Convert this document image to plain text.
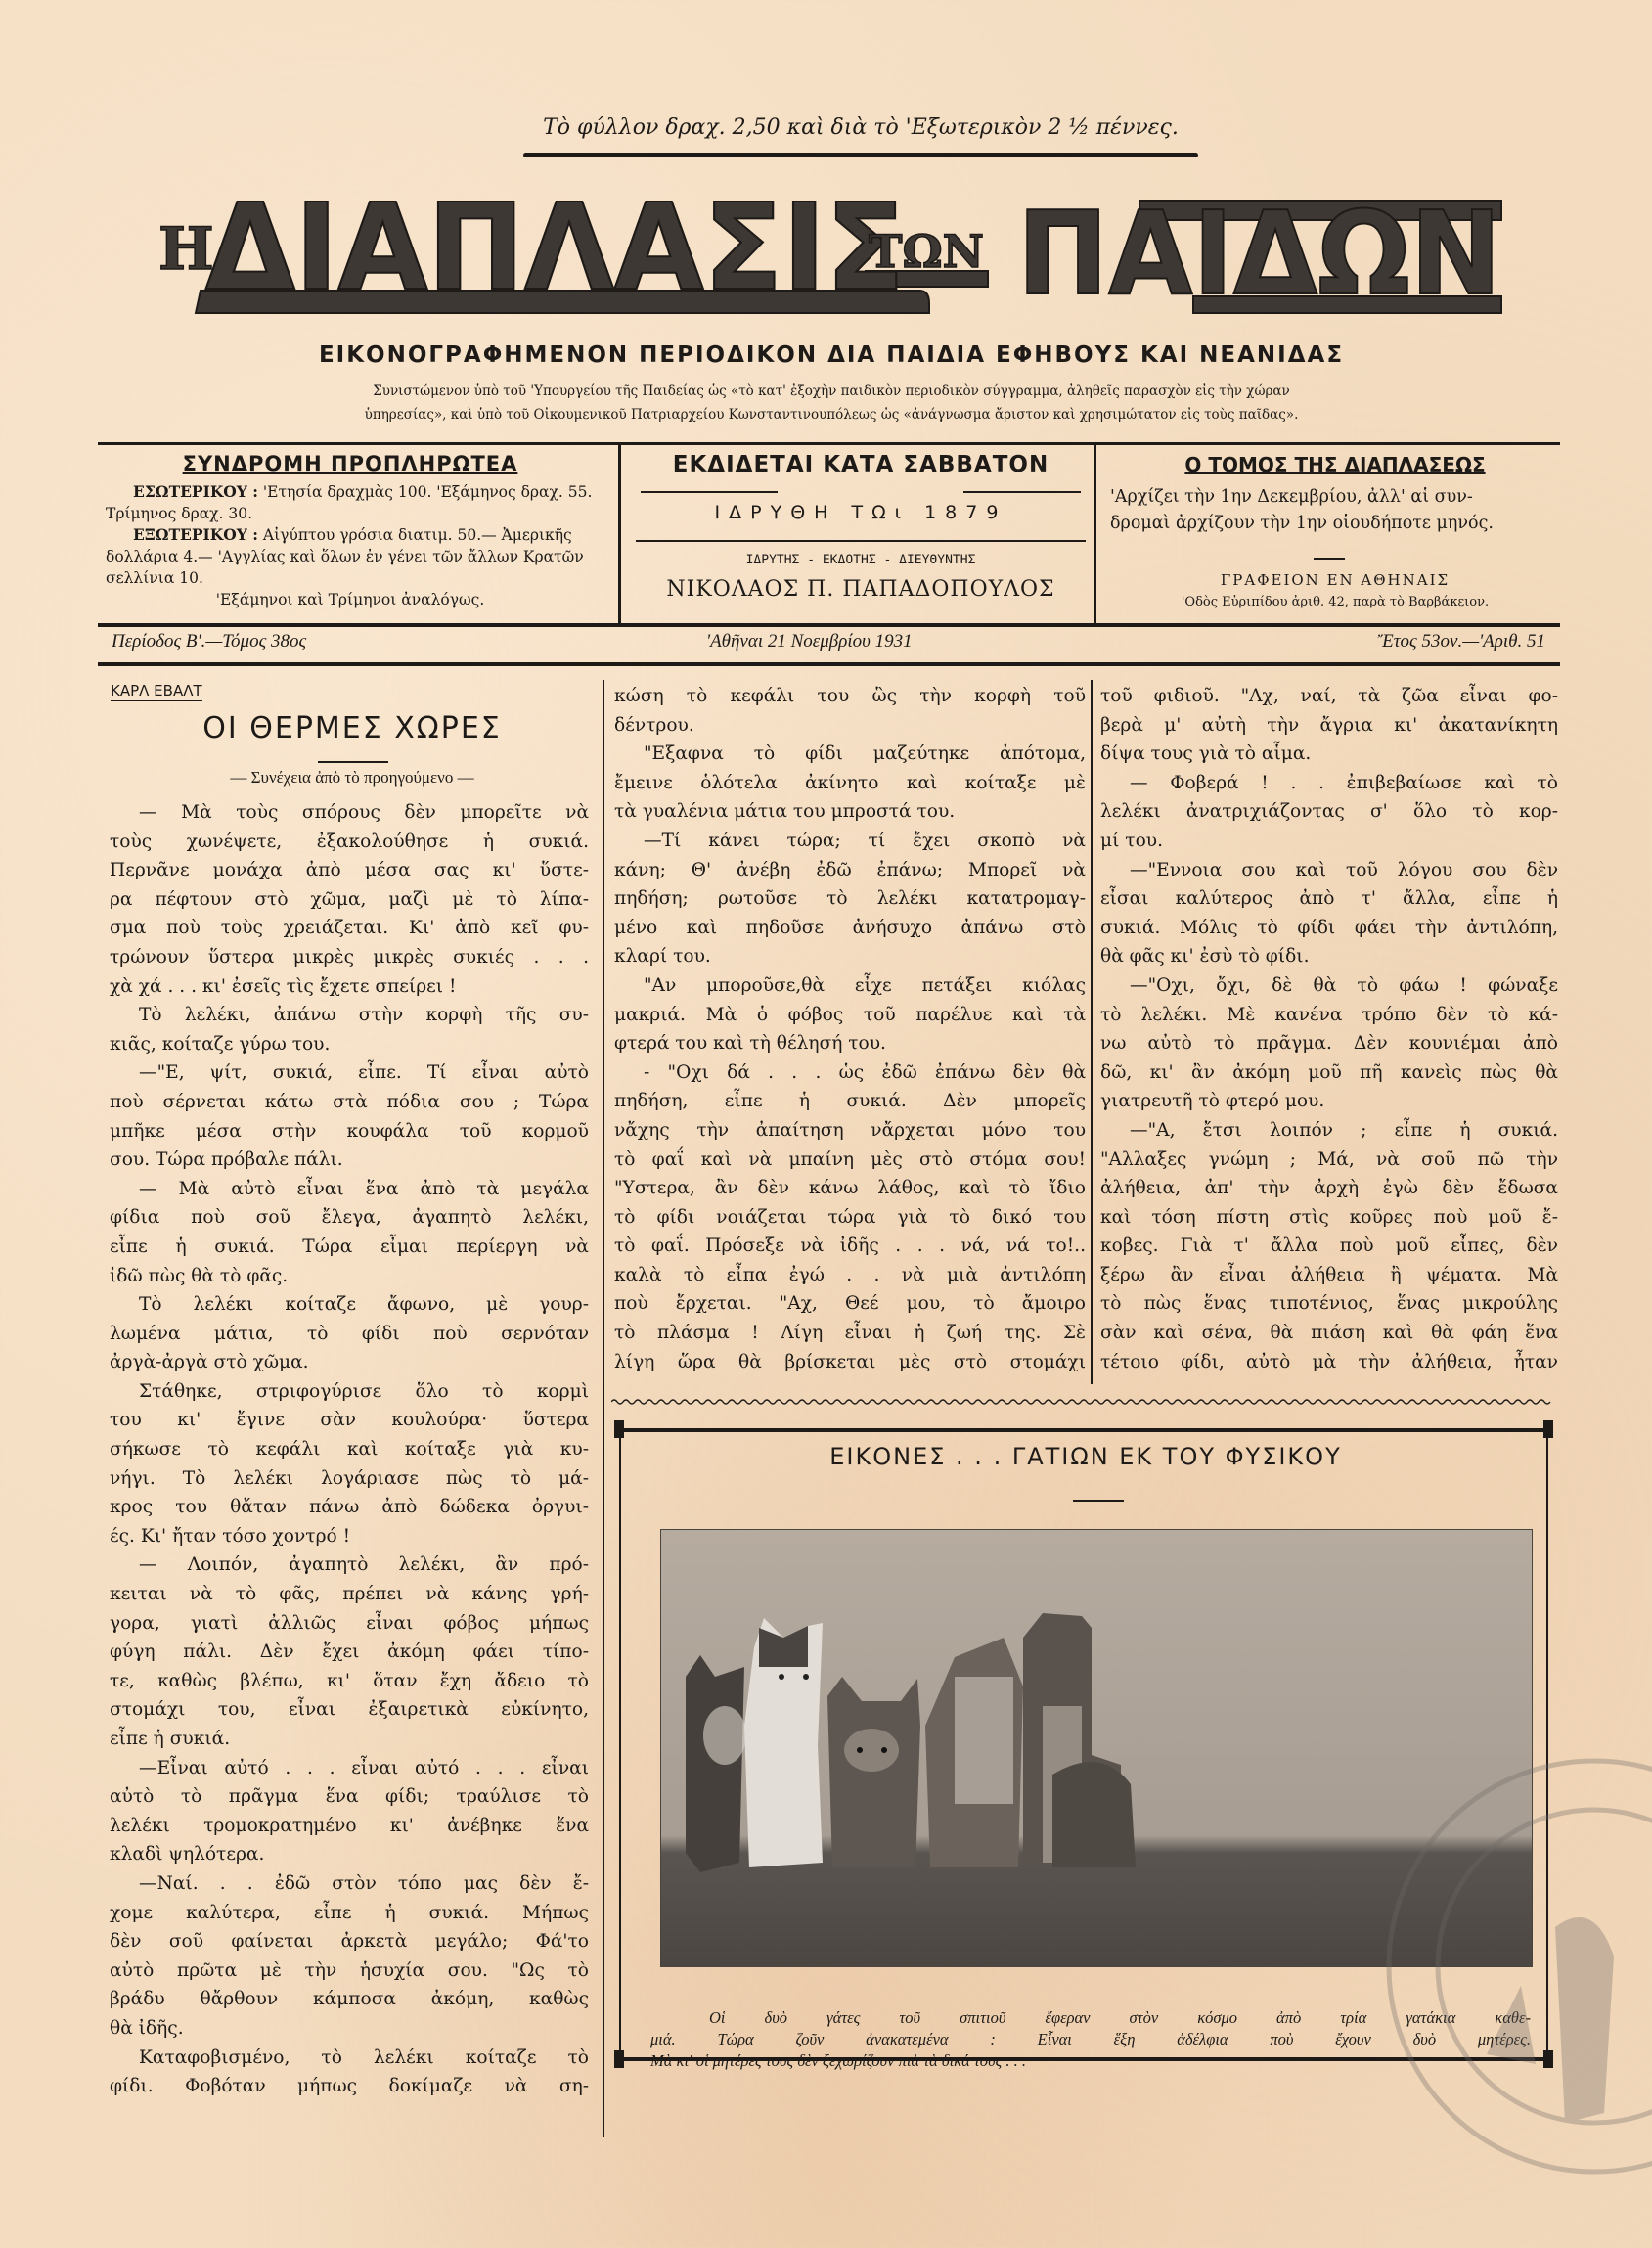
Τὸ φύλλον δραχ. 2,50 καὶ διὰ τὸ 'Εξωτερικὸν 2 ½ πέννες.
Η
ΔΙΑΠΛΑΣΙΣ
ΤΩΝ ΠΑΙΔΩΝ
ΕΙΚΟΝΟΓΡΑΦΗΜΕΝΟΝ ΠΕΡΙΟΔΙΚΟΝ ΔΙΑ ΠΑΙΔΙΑ ΕΦΗΒΟΥΣ ΚΑΙ ΝΕΑΝΙΔΑΣ
Συνιστώμενον ὑπὸ τοῦ 'Υπουργείου τῆς Παιδείας ὡς «τὸ κατ' ἐξοχὴν παιδικὸν περιοδικὸν σύγγραμμα, ἀληθεῖς παρασχὸν εἰς τὴν χώραν
ὑπηρεσίας», καὶ ὑπὸ τοῦ Οἰκουμενικοῦ Πατριαρχείου Κωνσταντινουπόλεως ὡς «ἀνάγνωσμα ἄριστον καὶ χρησιμώτατον εἰς τοὺς παῖδας».
ΣΥΝΔΡΟΜΗ ΠΡΟΠΛΗΡΩΤΕΑ

ΕΣΩΤΕΡΙΚΟΥ : 'Ετησία δραχμὰς 100. 'Εξάμηνος δραχ. 55. Τρίμηνος δραχ. 30.

ΕΞΩΤΕΡΙΚΟΥ : Αἰγύπτου γρόσια διατιμ. 50.— Ἀμερικῆς δολλάρια 4.— 'Αγγλίας καὶ ὅλων ἐν γένει τῶν ἄλλων Κρατῶν σελλίνια 10.

'Εξάμηνοι καὶ Τρίμηνοι ἀναλόγως.

ΕΚΔΙΔΕΤΑΙ ΚΑΤΑ ΣΑΒΒΑΤΟΝ
ΙΔΡΥΘΗ ΤΩι 1879
ΙΔΡΥΤΗΣ - ΕΚΔΟΤΗΣ - ΔΙΕΥΘΥΝΤΗΣ
ΝΙΚΟΛΑΟΣ Π. ΠΑΠΑΔΟΠΟΥΛΟΣ
Ο ΤΟΜΟΣ ΤΗΣ ΔΙΑΠΛΑΣΕΩΣ
'Αρχίζει τὴν 1ην Δεκεμβρίου, ἀλλ' αἱ συν-
δρομαὶ ἀρχίζουν τὴν 1ην οἱουδήποτε μηνός.
ΓΡΑΦΕΙΟΝ ΕΝ ΑΘΗΝΑΙΣ
'Οδὸς Εὐριπίδου ἀριθ. 42, παρὰ τὸ Βαρβάκειον.
Περίοδος Β'.—Τόμος 38ος	'Αθῆναι 21 Νοεμβρίου 1931	Ἔτος 53ον.—'Αριθ. 51
ΚΑΡΛ ΕΒΑΛΤ
ΟΙ ΘΕΡΜΕΣ ΧΩΡΕΣ
— Συνέχεια ἀπὸ τὸ προηγούμενο —
— Μὰ τοὺς σπόρους δὲν μπορεῖτε νὰ
τοὺς χωνέψετε, ἐξακολούθησε ἡ συκιά.
Περνᾶνε μονάχα ἀπὸ μέσα σας κι' ὕστε-
ρα πέφτουν στὸ χῶμα, μαζὶ μὲ τὸ λίπα-
σμα ποὺ τοὺς χρειάζεται. Κι' ἀπὸ κεῖ φυ-
τρώνουν ὕστερα μικρὲς μικρὲς συκιές . . .
χὰ χά . . . κι' ἐσεῖς τὶς ἔχετε σπείρει !
Τὸ λελέκι, ἀπάνω στὴν κορφὴ τῆς συ-
κιᾶς, κοίταζε γύρω του.
—"Ε, ψίτ, συκιά, εἶπε. Τί εἶναι αὐτὸ
ποὺ σέρνεται κάτω στὰ πόδια σου ; Τώρα
μπῆκε μέσα στὴν κουφάλα τοῦ κορμοῦ
σου. Τώρα πρόβαλε πάλι.
— Μὰ αὐτὸ εἶναι ἕνα ἀπὸ τὰ μεγάλα
φίδια ποὺ σοῦ ἔλεγα, ἀγαπητὸ λελέκι,
εἶπε ἡ συκιά. Τώρα εἶμαι περίεργη νὰ
ἰδῶ πὼς θὰ τὸ φᾶς.
Τὸ λελέκι κοίταζε ἄφωνο, μὲ γουρ-
λωμένα μάτια, τὸ φίδι ποὺ σερνόταν
ἀργὰ-ἀργὰ στὸ χῶμα.
Στάθηκε, στριφογύρισε ὅλο τὸ κορμὶ
του κι' ἔγινε σὰν κουλούρα· ὕστερα
σήκωσε τὸ κεφάλι καὶ κοίταξε γιὰ κυ-
νήγι. Τὸ λελέκι λογάριασε πὼς τὸ μά-
κρος του θἄταν πάνω ἀπὸ δώδεκα ὀργυι-
ές. Κι' ἤταν τόσο χοντρό !
— Λοιπόν, ἀγαπητὸ λελέκι, ἂν πρό-
κειται νὰ τὸ φᾶς, πρέπει νὰ κάνης γρή-
γορα, γιατὶ ἀλλιῶς εἶναι φόβος μήπως
φύγη πάλι. Δὲν ἔχει ἀκόμη φάει τίπο-
τε, καθὼς βλέπω, κι' ὅταν ἔχη ἄδειο τὸ
στομάχι του, εἶναι ἐξαιρετικὰ εὐκίνητο,
εἶπε ἡ συκιά.
—Εἶναι αὐτό . . . εἶναι αὐτό . . . εἶναι
αὐτὸ τὸ πρᾶγμα ἕνα φίδι; τραύλισε τὸ
λελέκι τρομοκρατημένο κι' ἀνέβηκε ἕνα
κλαδὶ ψηλότερα.
—Ναί. . . ἐδῶ στὸν τόπο μας δὲν ἔ-
χομε καλύτερα, εἶπε ἡ συκιά. Μήπως
δὲν σοῦ φαίνεται ἀρκετὰ μεγάλο; Φά'το
αὐτὸ πρῶτα μὲ τὴν ἡσυχία σου. "Ως τὸ
βράδυ θἄρθουν κάμποσα ἀκόμη, καθὼς
θὰ ἰδῆς.
Καταφοβισμένο, τὸ λελέκι κοίταζε τὸ
φίδι. Φοβόταν μήπως δοκίμαζε νὰ ση-
κώση τὸ κεφάλι του ὣς τὴν κορφὴ τοῦ
δέντρου.
"Εξαφνα τὸ φίδι μαζεύτηκε ἀπότομα,
ἔμεινε ὁλότελα ἀκίνητο καὶ κοίταξε μὲ
τὰ γυαλένια μάτια του μπροστά του.
—Τί κάνει τώρα; τί ἔχει σκοπὸ νὰ
κάνη; Θ' ἀνέβη ἐδῶ ἐπάνω; Μπορεῖ νὰ
πηδήση; ρωτοῦσε τὸ λελέκι κατατρομαγ-
μένο καὶ πηδοῦσε ἀνήσυχο ἀπάνω στὸ
κλαρί του.
"Αν μποροῦσε,θὰ εἶχε πετάξει κιόλας
μακριά. Μὰ ὁ φόβος τοῦ παρέλυε καὶ τὰ
φτερά του καὶ τὴ θέλησή του.
- "Οχι δά . . . ὡς ἐδῶ ἐπάνω δὲν θὰ
πηδήση, εἶπε ἡ συκιά. Δὲν μπορεῖς
νἄχης τὴν ἀπαίτηση νἄρχεται μόνο του
τὸ φαΐ καὶ νὰ μπαίνη μὲς στὸ στόμα σου!
"Υστερα, ἂν δὲν κάνω λάθος, καὶ τὸ ἴδιο
τὸ φίδι νοιάζεται τώρα γιὰ τὸ δικό του
τὸ φαΐ. Πρόσεξε νὰ ἰδῆς . . . νά, νά το!..
καλὰ τὸ εἶπα ἐγώ . . νὰ μιὰ ἀντιλόπη
ποὺ ἔρχεται. "Αχ, Θεέ μου, τὸ ἄμοιρο
τὸ πλάσμα ! Λίγη εἶναι ἡ ζωή της. Σὲ
λίγη ὥρα θὰ βρίσκεται μὲς στὸ στομάχι
τοῦ φιδιοῦ. "Αχ, ναί, τὰ ζῶα εἶναι φο-
βερὰ μ' αὐτὴ τὴν ἄγρια κι' ἀκατανίκητη
δίψα τους γιὰ τὸ αἷμα.
— Φοβερά ! . . ἐπιβεβαίωσε καὶ τὸ
λελέκι ἀνατριχιάζοντας σ' ὅλο τὸ κορ-
μί του.
—"Εννοια σου καὶ τοῦ λόγου σου δὲν
εἶσαι καλύτερος ἀπὸ τ' ἄλλα, εἶπε ἡ
συκιά. Μόλις τὸ φίδι φάει τὴν ἀντιλόπη,
θὰ φᾶς κι' ἐσὺ τὸ φίδι.
—"Οχι, ὄχι, δὲ θὰ τὸ φάω ! φώναξε
τὸ λελέκι. Μὲ κανένα τρόπο δὲν τὸ κά-
νω αὐτὸ τὸ πρᾶγμα. Δὲν κουνιέμαι ἀπὸ
δῶ, κι' ἂν ἀκόμη μοῦ πῆ κανεὶς πὼς θὰ
γιατρευτῆ τὸ φτερό μου.
—"Α, ἔτσι λοιπόν ; εἶπε ἡ συκιά.
"Αλλαξες γνώμη ; Μά, νὰ σοῦ πῶ τὴν
ἀλήθεια, ἀπ' τὴν ἀρχὴ ἐγὼ δὲν ἔδωσα
καὶ τόση πίστη στὶς κοῦρες ποὺ μοῦ ἔ-
κοβες. Γιὰ τ' ἄλλα ποὺ μοῦ εἶπες, δὲν
ξέρω ἂν εἶναι ἀλήθεια ἢ ψέματα. Μὰ
τὸ πὼς ἕνας τιποτένιος, ἕνας μικρούλης
σὰν καὶ σένα, θὰ πιάση καὶ θὰ φάη ἕνα
τέτοιο φίδι, αὐτὸ μὰ τὴν ἀλήθεια, ἦταν
ΕΙΚΟΝΕΣ . . . ΓΑΤΙΩΝ ΕΚ ΤΟΥ ΦΥΣΙΚΟΥ
Οἱ δυὸ γάτες τοῦ σπιτιοῦ ἔφεραν στὸν κόσμο ἀπὸ τρία γατάκια καθε-
μιά. Τώρα ζοῦν ἀνακατεμένα : Εἶναι ἕξη ἀδέλφια ποὺ ἔχουν δυὸ μητέρες.
Μὰ κι' οἱ μητέρες τους δὲν ξεχωρίζουν πιὰ τὰ δικά τους . . .
